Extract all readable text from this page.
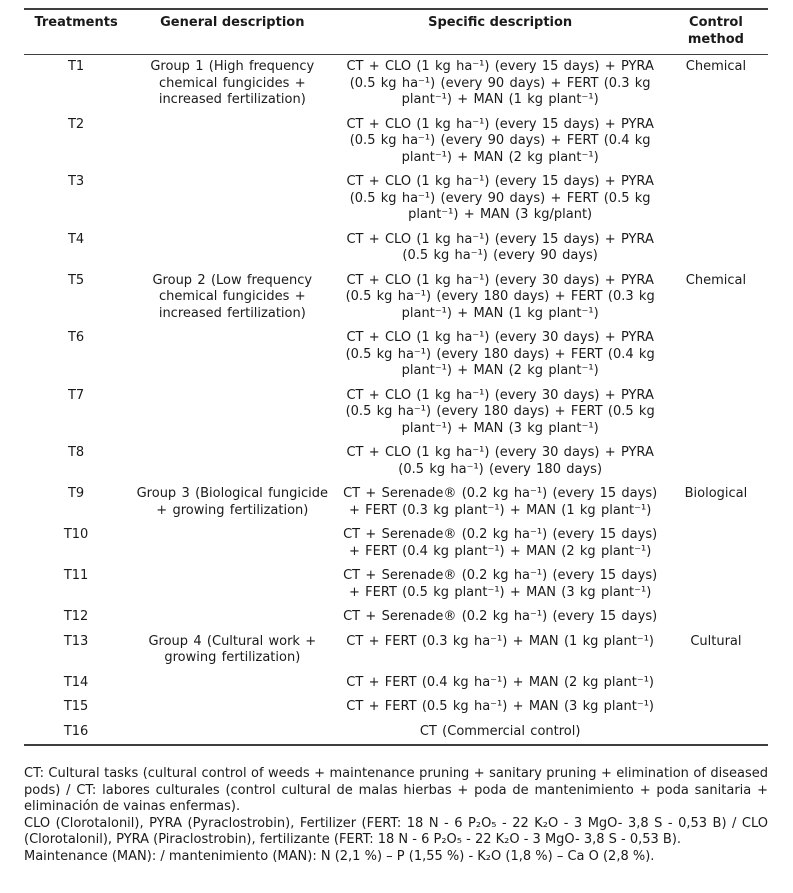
Treatments	General description	Specific description	Control method
T1	Group 1 (High frequency chemical fungicides + increased fertilization)	CT + CLO (1 kg ha⁻¹) (every 15 days) + PYRA (0.5 kg ha⁻¹) (every 90 days) + FERT (0.3 kg plant⁻¹) + MAN (1 kg plant⁻¹)	Chemical
T2		CT + CLO (1 kg ha⁻¹) (every 15 days) + PYRA (0.5 kg ha⁻¹) (every 90 days) + FERT (0.4 kg plant⁻¹) + MAN (2 kg plant⁻¹)	
T3		CT + CLO (1 kg ha⁻¹) (every 15 days) + PYRA (0.5 kg ha⁻¹) (every 90 days) + FERT (0.5 kg plant⁻¹) + MAN (3 kg/plant)	
T4		CT + CLO (1 kg ha⁻¹) (every 15 days) + PYRA (0.5 kg ha⁻¹) (every 90 days)	
T5	Group 2 (Low frequency chemical fungicides + increased fertilization)	CT + CLO (1 kg ha⁻¹) (every 30 days) + PYRA (0.5 kg ha⁻¹) (every 180 days) + FERT (0.3 kg plant⁻¹) + MAN (1 kg plant⁻¹)	Chemical
T6		CT + CLO (1 kg ha⁻¹) (every 30 days) + PYRA (0.5 kg ha⁻¹) (every 180 days) + FERT (0.4 kg plant⁻¹) + MAN (2 kg plant⁻¹)	
T7		CT + CLO (1 kg ha⁻¹) (every 30 days) + PYRA (0.5 kg ha⁻¹) (every 180 days) + FERT (0.5 kg plant⁻¹) + MAN (3 kg plant⁻¹)	
T8		CT + CLO (1 kg ha⁻¹) (every 30 days) + PYRA (0.5 kg ha⁻¹) (every 180 days)	
T9	Group 3 (Biological fungicide + growing fertilization)	CT + Serenade® (0.2 kg ha⁻¹) (every 15 days) + FERT (0.3 kg plant⁻¹) + MAN (1 kg plant⁻¹)	Biological
T10		CT + Serenade® (0.2 kg ha⁻¹) (every 15 days) + FERT (0.4 kg plant⁻¹) + MAN (2 kg plant⁻¹)	
T11		CT + Serenade® (0.2 kg ha⁻¹) (every 15 days) + FERT (0.5 kg plant⁻¹) + MAN (3 kg plant⁻¹)	
T12		CT + Serenade® (0.2 kg ha⁻¹) (every 15 days)	
T13	Group 4 (Cultural work + growing fertilization)	CT + FERT (0.3 kg ha⁻¹) + MAN (1 kg plant⁻¹)	Cultural
T14		CT + FERT (0.4 kg ha⁻¹) + MAN (2 kg plant⁻¹)	
T15		CT + FERT (0.5 kg ha⁻¹) + MAN (3 kg plant⁻¹)	
T16		CT (Commercial control)	

CT: Cultural tasks (cultural control of weeds + maintenance pruning + sanitary pruning + elimination of diseased pods) / CT: labores culturales (control cultural de malas hierbas + poda de mantenimiento + poda sanitaria + eliminación de vainas enfermas).

CLO (Clorotalonil), PYRA (Pyraclostrobin), Fertilizer (FERT: 18 N - 6 P₂O₅ - 22 K₂O - 3 MgO- 3,8 S - 0,53 B) / CLO (Clorotalonil), PYRA (Piraclostrobin), fertilizante (FERT: 18 N - 6 P₂O₅ - 22 K₂O - 3 MgO- 3,8 S - 0,53 B).

Maintenance (MAN): / mantenimiento (MAN): N (2,1 %) – P (1,55 %) - K₂O (1,8 %) – Ca O (2,8 %).
